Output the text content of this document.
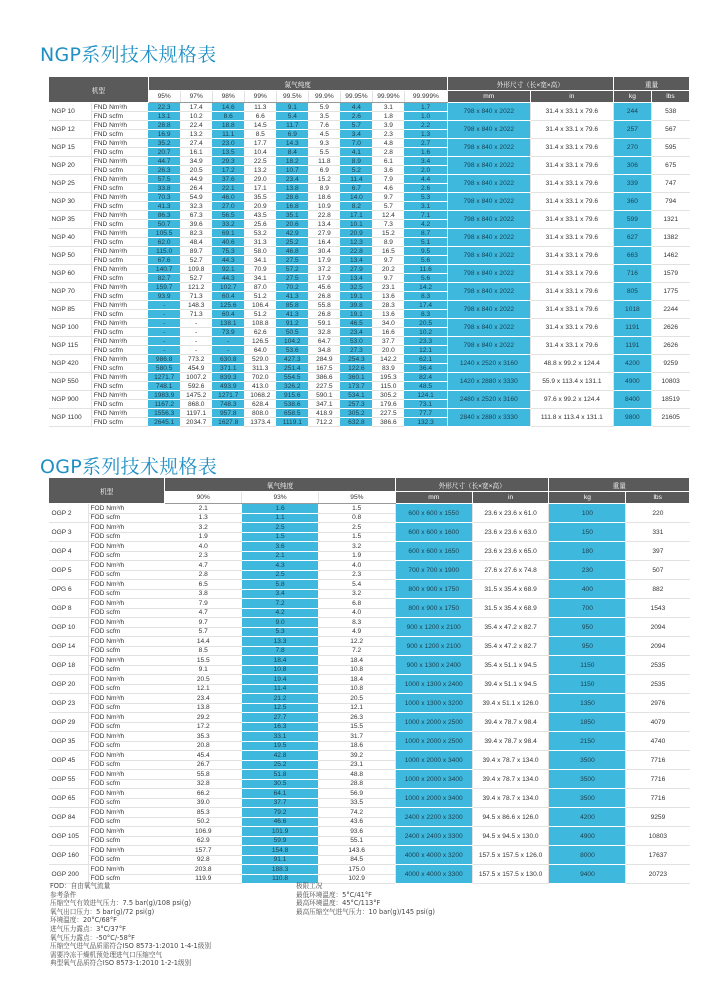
NGP系列技术规格表
机型		氮气纯度									外形尺寸（长×宽×高）		重量	
		95%	97%	98%	99%	99.5%	99.9%	99.95%	99.99%	99.999%	mm	in	kg	lbs
NGP 10	FND Nm³/h	22.3	17.4	14.6	11.3	9.1	5.9	4.4	3.1	1.7	798 x 840 x 2022	31.4 x 33.1 x 79.6	244	538
	FND scfm	13.1	10.2	8.6	6.6	5.4	3.5	2.6	1.8	1.0				
NGP 12	FND Nm³/h	28.8	22.4	18.8	14.5	11.7	7.6	5.7	3.9	2.2	798 x 840 x 2022	31.4 x 33.1 x 79.6	257	567
	FND scfm	16.9	13.2	11.1	8.5	6.9	4.5	3.4	2.3	1.3				
NGP 15	FND Nm³/h	35.2	27.4	23.0	17.7	14.3	9.3	7.0	4.8	2.7	798 x 840 x 2022	31.4 x 33.1 x 79.6	270	595
	FND scfm	20.7	16.1	13.5	10.4	8.4	5.5	4.1	2.8	1.6				
NGP 20	FND Nm³/h	44.7	34.9	29.3	22.5	18.2	11.8	8.9	6.1	3.4	798 x 840 x 2022	31.4 x 33.1 x 79.6	306	675
	FND scfm	26.3	20.5	17.2	13.2	10.7	6.9	5.2	3.6	2.0				
NGP 25	FND Nm³/h	57.5	44.9	37.6	29.0	23.4	15.2	11.4	7.9	4.4	798 x 840 x 2022	31.4 x 33.1 x 79.6	339	747
	FND scfm	33.8	26.4	22.1	17.1	13.8	8.9	6.7	4.6	2.6				
NGP 30	FND Nm³/h	70.3	54.9	46.0	35.5	28.6	18.6	14.0	9.7	5.3	798 x 840 x 2022	31.4 x 33.1 x 79.6	360	794
	FND scfm	41.3	32.3	27.0	20.9	16.8	10.9	8.2	5.7	3.1				
NGP 35	FND Nm³/h	86.3	67.3	56.5	43.5	35.1	22.8	17.1	12.4	7.1	798 x 840 x 2022	31.4 x 33.1 x 79.6	599	1321
	FND scfm	50.7	39.6	33.2	25.6	20.6	13.4	10.1	7.3	4.2				
NGP 40	FND Nm³/h	105.5	82.3	69.1	53.2	42.9	27.9	20.9	15.2	8.7	798 x 840 x 2022	31.4 x 33.1 x 79.6	627	1382
	FND scfm	62.0	48.4	40.6	31.3	25.2	16.4	12.3	8.9	5.1				
NGP 50	FND Nm³/h	115.0	89.7	75.3	58.0	46.8	30.4	22.8	16.5	9.5	798 x 840 x 2022	31.4 x 33.1 x 79.6	663	1462
	FND scfm	67.6	52.7	44.3	34.1	27.5	17.9	13.4	9.7	5.6				
NGP 60	FND Nm³/h	140.7	109.8	92.1	70.9	57.2	37.2	27.9	20.2	11.6	798 x 840 x 2022	31.4 x 33.1 x 79.6	716	1579
	FND scfm	82.7	52.7	44.3	34.1	27.5	17.9	13.4	9.7	5.6				
NGP 70	FND Nm³/h	159.7	121.2	102.7	87.0	70.2	45.6	32.5	23.1	14.2	798 x 840 x 2022	31.4 x 33.1 x 79.6	805	1775
	FND scfm	93.9	71.3	60.4	51.2	41.3	26.8	19.1	13.6	8.3				
NGP 85	FND Nm³/h	-	148.3	125.6	106.4	85.8	55.8	39.8	28.3	17.4	798 x 840 x 2022	31.4 x 33.1 x 79.6	1018	2244
	FND scfm	-	71.3	60.4	51.2	41.3	26.8	19.1	13.6	8.3				
NGP 100	FND Nm³/h	-	-	138.1	108.8	91.2	59.1	46.5	34.0	20.5	798 x 840 x 2022	31.4 x 33.1 x 79.6	1191	2626
	FND scfm	-	-	73.9	62.6	50.5	32.8	23.4	16.6	10.2				
NGP 115	FND Nm³/h	-	-	-	126.5	104.2	64.7	53.0	37.7	23.3	798 x 840 x 2022	31.4 x 33.1 x 79.6	1191	2626
	FND scfm	-	-	-	64.0	53.6	34.8	27.3	20.0	12.1				
NGP 420	FND Nm³/h	986.8	773.2	630.8	529.0	427.3	284.9	254.3	142.2	62.1	1240 x 2520 x 3160	48.8 x 99.2 x 124.4	4200	9259
	FND scfm	580.5	454.9	371.1	311.3	251.4	167.5	122.6	83.9	36.4				
NGP 550	FND Nm³/h	1271.7	1007.2	839.3	702.0	554.5	386.6	360.1	195.3	82.4	1420 x 2880 x 3330	55.9 x 113.4 x 131.1	4900	10803
	FND scfm	748.1	592.6	493.9	413.0	326.2	227.5	173.7	115.0	48.5				
NGP 900	FND Nm³/h	1983.9	1475.2	1271.7	1068.2	915.6	590.1	534.1	305.2	124.1	2480 x 2520 x 3160	97.6 x 99.2 x 124.4	8400	18519
	FND scfm	1167.2	868.0	748.3	628.4	538.6	347.1	257.3	179.6	73.1				
NGP 1100	FND Nm³/h	1556.3	1197.1	957.8	808.0	658.5	418.9	305.2	227.5	77.7	2840 x 2880 x 3330	111.8 x 113.4 x 131.1	9800	21605
	FND scfm	2645.1	2034.7	1627.8	1373.4	1119.1	712.2	632.8	386.6	132.3				
OGP系列技术规格表
机型		氧气纯度			外形尺寸（长×宽×高）		重量	
		90%	93%	95%	mm	in	kg	lbs
OGP 2	FOD Nm³/h	2.1	1.6	1.5	600 x 600 x 1550	23.6 x 23.6 x 61.0	100	220
	FOD scfm	1.3	1.1	0.8				
OGP 3	FOD Nm³/h	3.2	2.5	2.5	600 x 600 x 1600	23.6 x 23.6 x 63.0	150	331
	FOD scfm	1.9	1.5	1.5				
OGP 4	FOD Nm³/h	4.0	3.6	3.2	600 x 600 x 1650	23.6 x 23.6 x 65.0	180	397
	FOD scfm	2.3	2.1	1.9				
OGP 5	FOD Nm³/h	4.7	4.3	4.0	700 x 700 x 1900	27.6 x 27.6 x 74.8	230	507
	FOD scfm	2.8	2.5	2.3				
OPG 6	FOD Nm³/h	6.5	5.8	5.4	800 x 900 x 1750	31.5 x 35.4 x 68.9	400	882
	FOD scfm	3.8	3.4	3.2				
OGP 8	FOD Nm³/h	7.9	7.2	6.8	800 x 900 x 1750	31.5 x 35.4 x 68.9	700	1543
	FOD scfm	4.7	4.2	4.0				
OGP 10	FOD Nm³/h	9.7	9.0	8.3	900 x 1200 x 2100	35.4 x 47.2 x 82.7	950	2094
	FOD scfm	5.7	5.3	4.9				
OGP 14	FOD Nm³/h	14.4	13.3	12.2	900 x 1200 x 2100	35.4 x 47.2 x 82.7	950	2094
	FOD scfm	8.5	7.8	7.2				
OGP 18	FOD Nm³/h	15.5	18.4	18.4	900 x 1300 x 2400	35.4 x 51.1 x 94.5	1150	2535
	FOD scfm	9.1	10.8	10.8				
OGP 20	FOD Nm³/h	20.5	19.4	18.4	1000 x 1300 x 2400	39.4 x 51.1 x 94.5	1150	2535
	FOD scfm	12.1	11.4	10.8				
OGP 23	FOD Nm³/h	23.4	21.2	20.5	1000 x 1300 x 3200	39.4 x 51.1 x 126.0	1350	2976
	FOD scfm	13.8	12.5	12.1				
OGP 29	FOD Nm³/h	29.2	27.7	26.3	1000 x 2000 x 2500	39.4 x 78.7 x 98.4	1850	4079
	FOD scfm	17.2	16.3	15.5				
OGP 35	FOD Nm³/h	35.3	33.1	31.7	1000 x 2000 x 2500	39.4 x 78.7 x 98.4	2150	4740
	FOD scfm	20.8	19.5	18.6				
OGP 45	FOD Nm³/h	45.4	42.8	39.2	1000 x 2000 x 3400	39.4 x 78.7 x 134.0	3500	7716
	FOD scfm	26.7	25.2	23.1				
OGP 55	FOD Nm³/h	55.8	51.8	48.8	1000 x 2000 x 3400	39.4 x 78.7 x 134.0	3500	7716
	FOD scfm	32.8	30.5	28.8				
OGP 65	FOD Nm³/h	66.2	64.1	56.9	1000 x 2000 x 3400	39.4 x 78.7 x 134.0	3500	7716
	FOD scfm	39.0	37.7	33.5				
OGP 84	FOD Nm³/h	85.3	79.2	74.2	2400 x 2200 x 3200	94.5 x 86.6 x 126.0	4200	9259
	FOD scfm	50.2	46.6	43.6				
OGP 105	FOD Nm³/h	106.9	101.9	93.6	2400 x 2400 x 3300	94.5 x 94.5 x 130.0	4900	10803
	FOD scfm	62.9	59.9	55.1				
OGP 160	FOD Nm³/h	157.7	154.8	143.6	4000 x 4000 x 3200	157.5 x 157.5 x 126.0	8000	17637
	FOD scfm	92.8	91.1	84.5				
OGP 200	FOD Nm³/h	203.8	188.3	175.0	4000 x 4000 x 3300	157.5 x 157.5 x 130.0	9400	20723
	FOD scfm	119.9	110.8	102.9				
FOD：自由氧气流量
参考条件
压缩空气有效进气压力：7.5 bar(g)/108 psi(g)
氧气出口压力：5 bar(g)/72 psi(g)
环境温度：20°C/68°F
进气压力露点：3°C/37°F
氧气压力露点：-50°C/-58°F
压缩空气进气品质需符合ISO 8573-1:2010 1-4-1级别
需要冷冻干燥机预处理进气口压缩空气
典型氧气品质符合ISO 8573-1:2010 1-2-1级别
极限工况
最低环境温度：5°C/41°F
最高环境温度：45°C/113°F
最高压缩空气进气压力：10 bar(g)/145 psi(g)
